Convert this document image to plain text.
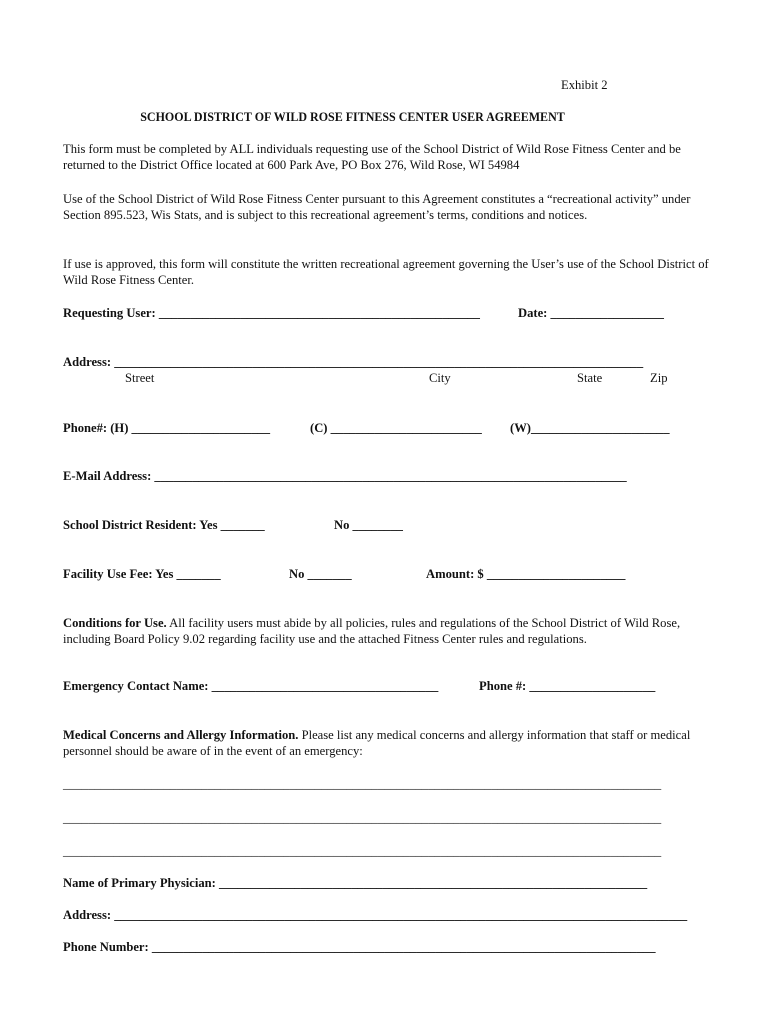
Exhibit 2
SCHOOL DISTRICT OF WILD ROSE FITNESS CENTER USER AGREEMENT
This form must be completed by ALL individuals requesting use of the School District of Wild Rose Fitness Center and be returned to the District Office located at 600 Park Ave, PO Box 276, Wild Rose, WI 54984
Use of the School District of Wild Rose Fitness Center pursuant to this Agreement constitutes a “recreational activity” under Section 895.523, Wis Stats, and is subject to this recreational agreement’s terms, conditions and notices.
If use is approved, this form will constitute the written recreational agreement governing the User’s use of the School District of Wild Rose Fitness Center.
Requesting User: ___________________________________________________	Date: __________________
Address: ____________________________________________________________________________________
Street	City	State	Zip
Phone#: (H) ______________________	(C) ________________________ (W)______________________
E-Mail Address: ___________________________________________________________________________
School District Resident: Yes _______	No ________
Facility Use Fee: Yes _______	No _______	Amount: $ ______________________
Conditions for Use. All facility users must abide by all policies, rules and regulations of the School District of Wild Rose, including Board Policy 9.02 regarding facility use and the attached Fitness Center rules and regulations.
Emergency Contact Name: ____________________________________	Phone #: ____________________
Medical Concerns and Allergy Information. Please list any medical concerns and allergy information that staff or medical personnel should be aware of in the event of an emergency:
_______________________________________________________________________________________________
_______________________________________________________________________________________________
_______________________________________________________________________________________________
Name of Primary Physician: ____________________________________________________________________
Address: ___________________________________________________________________________________________
Phone Number: ________________________________________________________________________________
